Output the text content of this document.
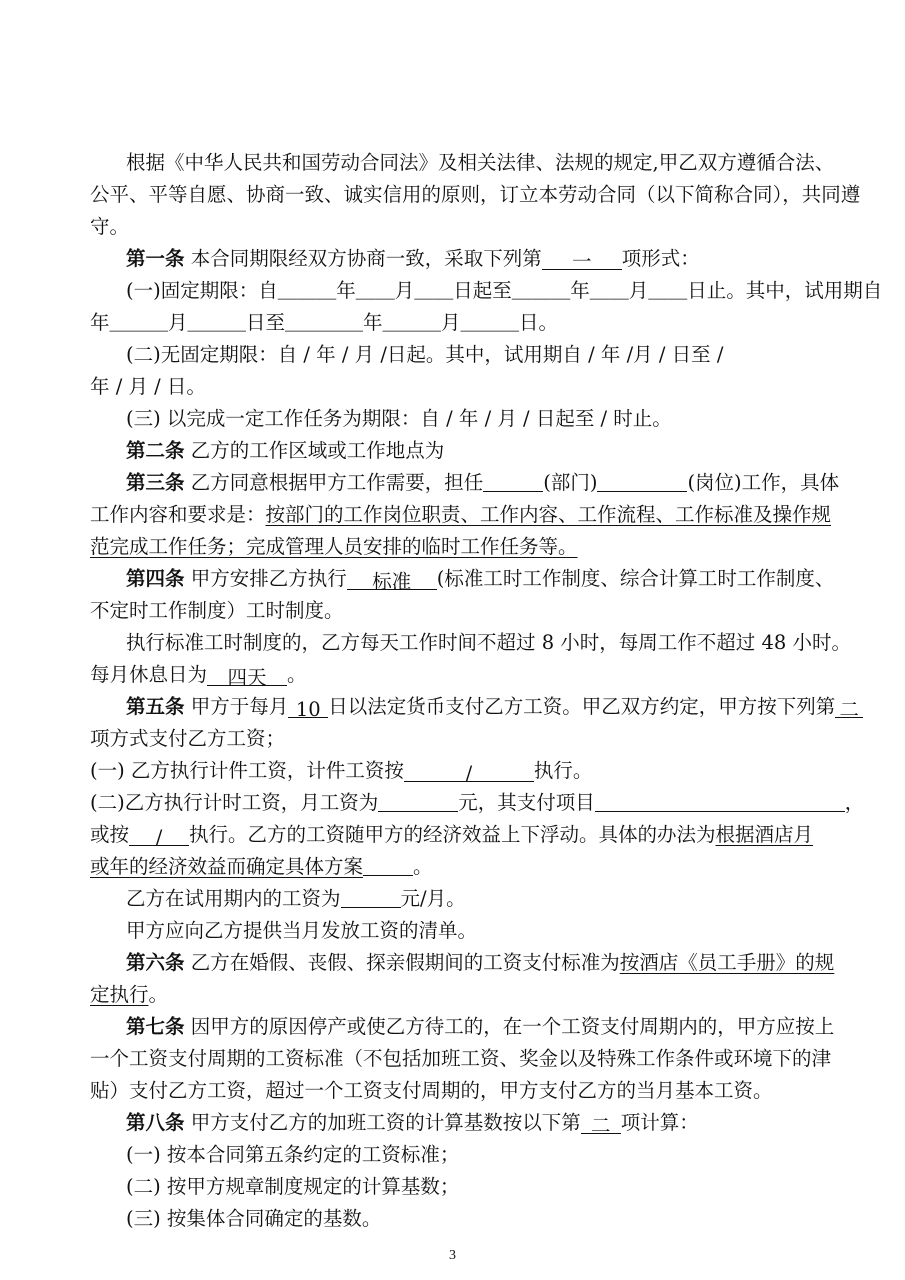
根据《中华人民共和国劳动合同法》及相关法律、法规的规定,甲乙双方遵循合法、
公平、平等自愿、协商一致、诚实信用的原则，订立本劳动合同（以下简称合同），共同遵
守。
第一条 本合同期限经双方协商一致，采取下列第 一 项形式：
(一)固定期限：自＿＿＿年＿＿月＿＿日起至＿＿＿年＿＿月＿＿日止。其中，试用期自
年＿＿＿月＿＿＿日至＿＿＿＿年＿＿＿月＿＿＿日。
(二)无固定期限：自 / 年 / 月 /日起。其中，试用期自 / 年 /月 / 日至 /
年 / 月 / 日。
(三) 以完成一定工作任务为期限：自 / 年 / 月 / 日起至 / 时止。
第二条 乙方的工作区域或工作地点为
第三条 乙方同意根据甲方工作需要，担任	(部门)	(岗位)工作，具体
工作内容和要求是：按部门的工作岗位职责、工作内容、工作流程、工作标准及操作规
范完成工作任务；完成管理人员安排的临时工作任务等。
第四条 甲方安排乙方执行 标准 (标准工时工作制度、综合计算工时工作制度、
不定时工作制度）工时制度。
执行标准工时制度的，乙方每天工作时间不超过 8 小时，每周工作不超过 48 小时。
每月休息日为 四天 。
第五条 甲方于每月 10 日以法定货币支付乙方工资。甲乙双方约定，甲方按下列第 二
项方式支付乙方工资；
(一) 乙方执行计件工资，计件工资按	/	执行。
(二)乙方执行计时工资，月工资为	元，其支付项目	，
或按 / 执行。乙方的工资随甲方的经济效益上下浮动。具体的办法为根据酒店月
或年的经济效益而确定具体方案	。
乙方在试用期内的工资为	元/月。
甲方应向乙方提供当月发放工资的清单。
第六条 乙方在婚假、丧假、探亲假期间的工资支付标准为按酒店《员工手册》的规
定执行。
第七条 因甲方的原因停产或使乙方待工的，在一个工资支付周期内的，甲方应按上
一个工资支付周期的工资标准（不包括加班工资、奖金以及特殊工作条件或环境下的津
贴）支付乙方工资，超过一个工资支付周期的，甲方支付乙方的当月基本工资。
第八条 甲方支付乙方的加班工资的计算基数按以下第 二 项计算：
(一) 按本合同第五条约定的工资标准；
(二) 按甲方规章制度规定的计算基数；
(三) 按集体合同确定的基数。
3
